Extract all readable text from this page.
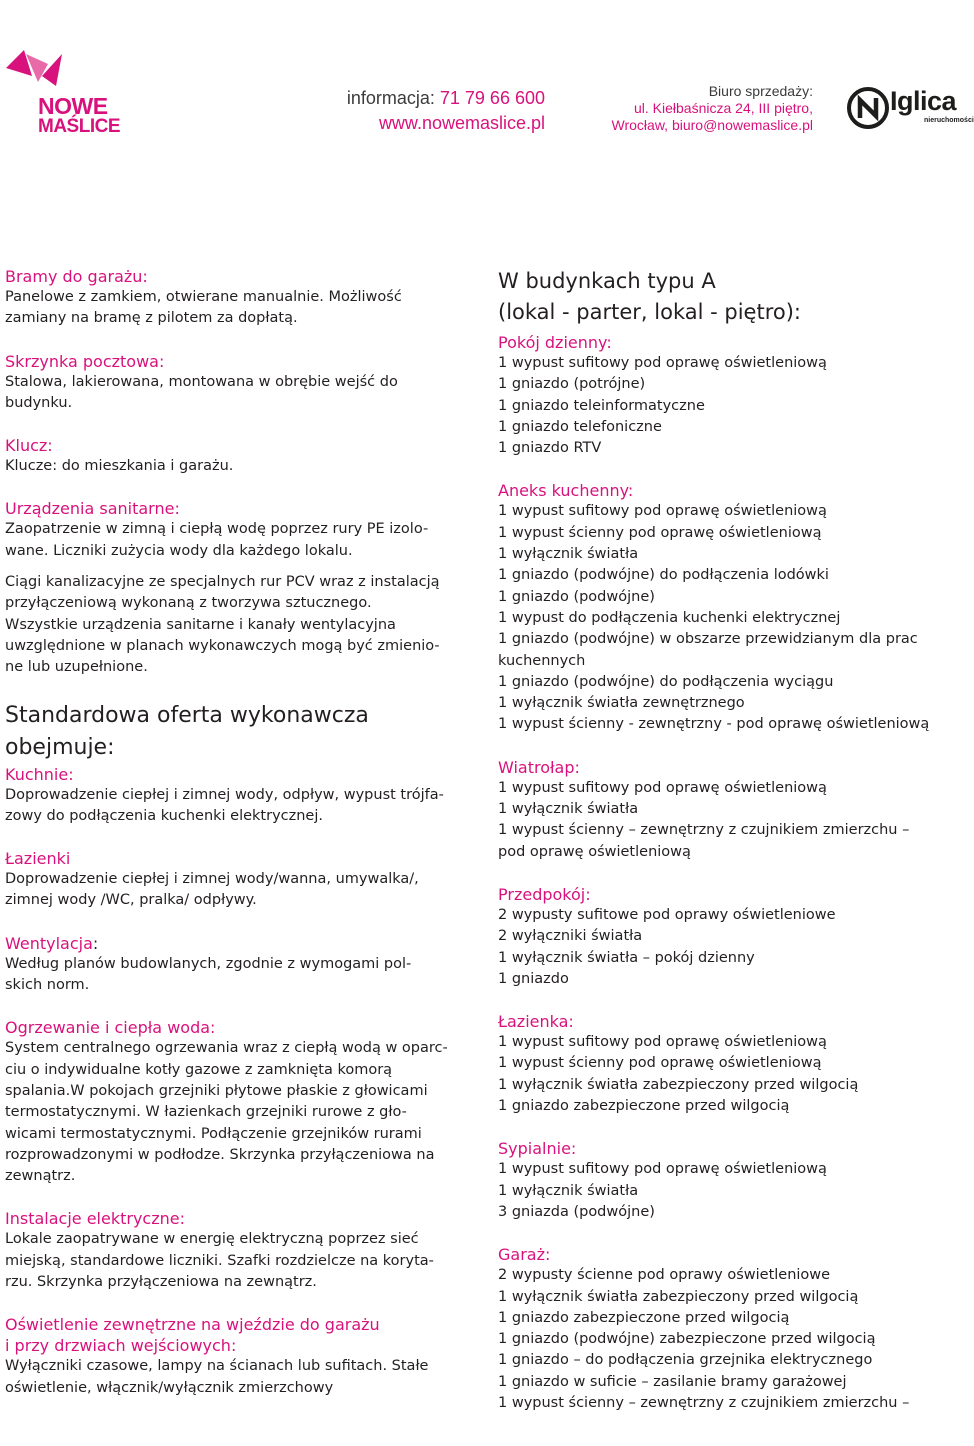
NOWE
MAŚLICE
informacja: 71 79 66 600
www.nowemaslice.pl
Biuro sprzedaży:
ul. Kiełbaśnicza 24, III piętro,
Wrocław, biuro@nowemaslice.pl
Iglica
nieruchomości
Bramy do garażu:
Panelowe z zamkiem, otwierane manualnie. Możliwość
zamiany na bramę z pilotem za dopłatą.
Skrzynka pocztowa:
Stalowa, lakierowana, montowana w obrębie wejść do
budynku.
Klucz:
Klucze: do mieszkania i garażu.
Urządzenia sanitarne:
Zaopatrzenie w zimną i ciepłą wodę poprzez rury PE izolo-
wane. Liczniki zużycia wody dla każdego lokalu.
Ciągi kanalizacyjne ze specjalnych rur PCV wraz z instalacją
przyłączeniową wykonaną z tworzywa sztucznego.
Wszystkie urządzenia sanitarne i kanały wentylacyjna
uwzględnione w planach wykonawczych mogą być zmienio-
ne lub uzupełnione.
Standardowa oferta wykonawcza
obejmuje:
Kuchnie:
Doprowadzenie ciepłej i zimnej wody, odpływ, wypust trójfa-
zowy do podłączenia kuchenki elektrycznej.
Łazienki
Doprowadzenie ciepłej i zimnej wody/wanna, umywalka/,
zimnej wody /WC, pralka/ odpływy.
Wentylacja:
Według planów budowlanych, zgodnie z wymogami pol-
skich norm.
Ogrzewanie i ciepła woda:
System centralnego ogrzewania wraz z ciepłą wodą w oparc-
ciu o indywidualne kotły gazowe z zamknięta komorą
spalania.W pokojach grzejniki płytowe płaskie z głowicami
termostatycznymi. W łazienkach grzejniki rurowe z gło-
wicami termostatycznymi. Podłączenie grzejników rurami
rozprowadzonymi w podłodze. Skrzynka przyłączeniowa na
zewnątrz.
Instalacje elektryczne:
Lokale zaopatrywane w energię elektryczną poprzez sieć
miejską, standardowe liczniki. Szafki rozdzielcze na koryta-
rzu. Skrzynka przyłączeniowa na zewnątrz.
Oświetlenie zewnętrzne na wjeździe do garażu
i przy drzwiach wejściowych:
Wyłączniki czasowe, lampy na ścianach lub sufitach. Stałe
oświetlenie, włącznik/wyłącznik zmierzchowy
W budynkach typu A
(lokal - parter, lokal - piętro):
Pokój dzienny:
1 wypust sufitowy pod oprawę oświetleniową
1 gniazdo (potrójne)
1 gniazdo teleinformatyczne
1 gniazdo telefoniczne
1 gniazdo RTV
Aneks kuchenny:
1 wypust sufitowy pod oprawę oświetleniową
1 wypust ścienny pod oprawę oświetleniową
1 wyłącznik światła
1 gniazdo (podwójne) do podłączenia lodówki
1 gniazdo (podwójne)
1 wypust do podłączenia kuchenki elektrycznej
1 gniazdo (podwójne) w obszarze przewidzianym dla prac
kuchennych
1 gniazdo (podwójne) do podłączenia wyciągu
1 wyłącznik światła zewnętrznego
1 wypust ścienny - zewnętrzny - pod oprawę oświetleniową
Wiatrołap:
1 wypust sufitowy pod oprawę oświetleniową
1 wyłącznik światła
1 wypust ścienny – zewnętrzny z czujnikiem zmierzchu –
pod oprawę oświetleniową
Przedpokój:
2 wypusty sufitowe pod oprawy oświetleniowe
2 wyłączniki światła
1 wyłącznik światła – pokój dzienny
1 gniazdo
Łazienka:
1 wypust sufitowy pod oprawę oświetleniową
1 wypust ścienny pod oprawę oświetleniową
1 wyłącznik światła zabezpieczony przed wilgocią
1 gniazdo zabezpieczone przed wilgocią
Sypialnie:
1 wypust sufitowy pod oprawę oświetleniową
1 wyłącznik światła
3 gniazda (podwójne)
Garaż:
2 wypusty ścienne pod oprawy oświetleniowe
1 wyłącznik światła zabezpieczony przed wilgocią
1 gniazdo zabezpieczone przed wilgocią
1 gniazdo (podwójne) zabezpieczone przed wilgocią
1 gniazdo – do podłączenia grzejnika elektrycznego
1 gniazdo w suficie – zasilanie bramy garażowej
1 wypust ścienny – zewnętrzny z czujnikiem zmierzchu –
